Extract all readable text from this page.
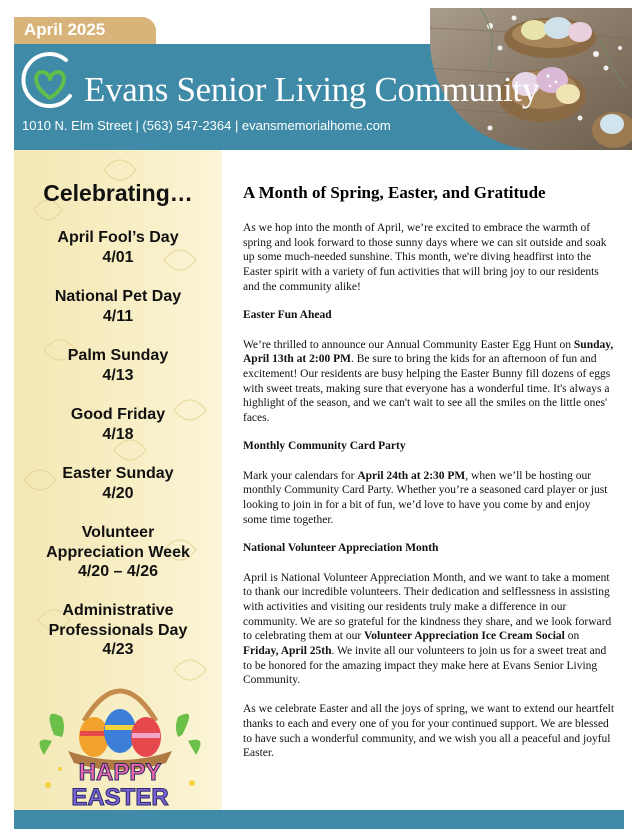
April 2025
Evans Senior Living Community
1010 N. Elm Street | (563) 547-2364 | evansmemorialhome.com
Celebrating…
April Fool’s Day
4/01
National Pet Day
4/11
Palm Sunday
4/13
Good Friday
4/18
Easter Sunday
4/20
Volunteer
Appreciation Week
4/20 – 4/26
Administrative
Professionals Day
4/23
HAPPY
EASTER
A Month of Spring, Easter, and Gratitude

As we hop into the month of April, we’re excited to embrace the warmth of spring and look forward to those sunny days where we can sit outside and soak up some much-needed sunshine. This month, we're diving headfirst into the Easter spirit with a variety of fun activities that will bring joy to our residents and the community alike!

Easter Fun Ahead

We’re thrilled to announce our Annual Community Easter Egg Hunt on Sunday, April 13th at 2:00 PM. Be sure to bring the kids for an afternoon of fun and excitement! Our residents are busy helping the Easter Bunny fill dozens of eggs with sweet treats, making sure that everyone has a wonderful time. It's always a highlight of the season, and we can't wait to see all the smiles on the little ones' faces.

Monthly Community Card Party

Mark your calendars for April 24th at 2:30 PM, when we’ll be hosting our monthly Community Card Party. Whether you’re a seasoned card player or just looking to join in for a bit of fun, we’d love to have you come by and enjoy some time together.

National Volunteer Appreciation Month

April is National Volunteer Appreciation Month, and we want to take a moment to thank our incredible volunteers. Their dedication and selflessness in assisting with activities and visiting our residents truly make a difference in our community. We are so grateful for the kindness they share, and we look forward to celebrating them at our Volunteer Appreciation Ice Cream Social on Friday, April 25th. We invite all our volunteers to join us for a sweet treat and to be honored for the amazing impact they make here at Evans Senior Living Community.

As we celebrate Easter and all the joys of spring, we want to extend our heartfelt thanks to each and every one of you for your continued support. We are blessed to have such a wonderful community, and we wish you all a peaceful and joyful Easter.
